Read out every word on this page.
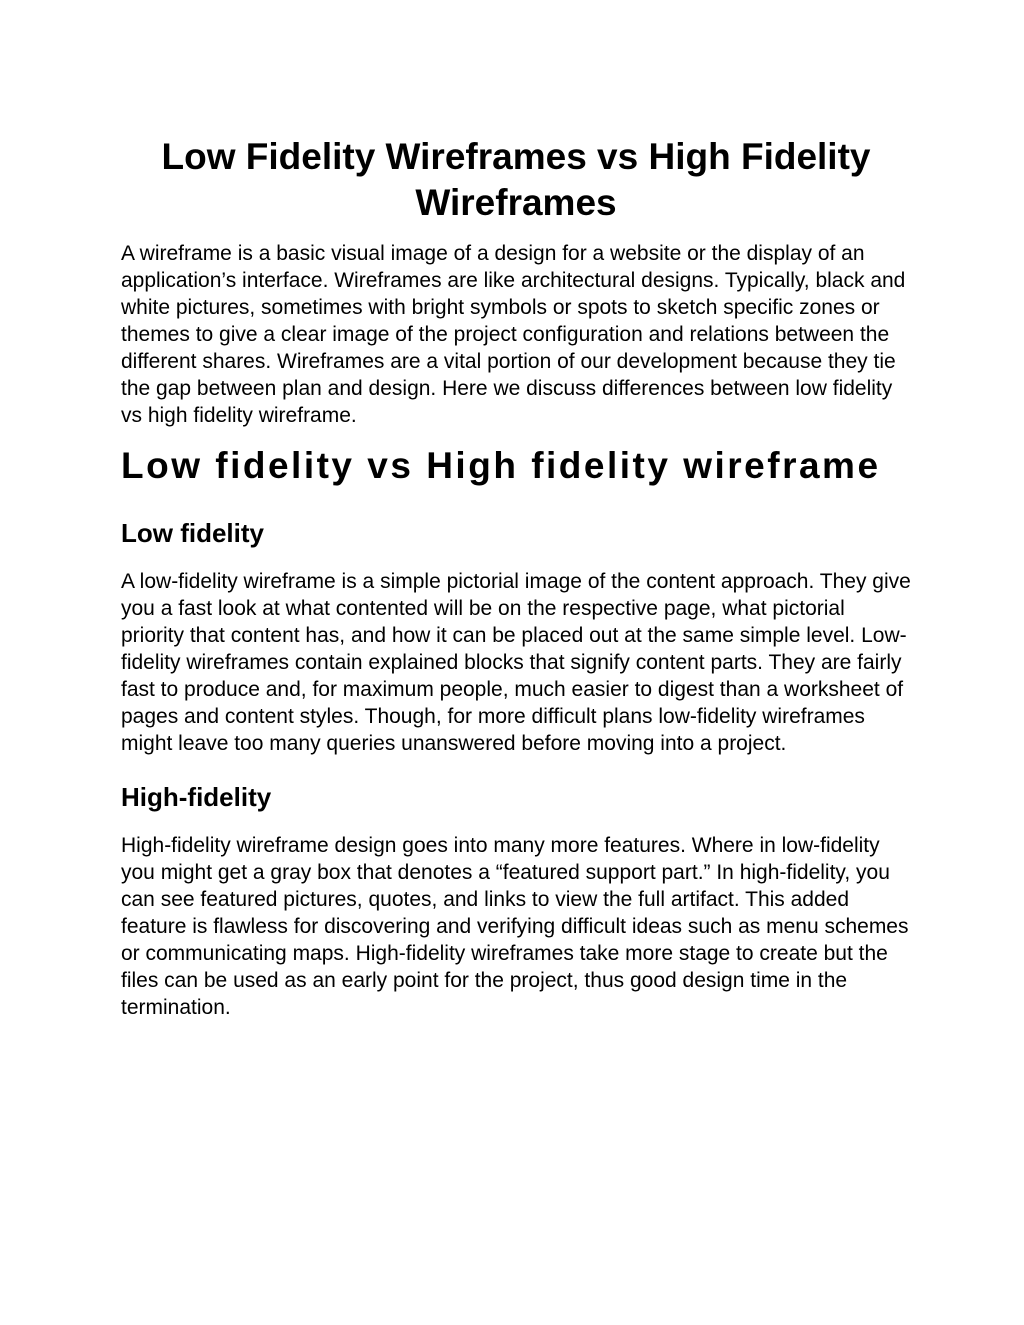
Low Fidelity Wireframes vs High Fidelity Wireframes

A wireframe is a basic visual image of a design for a website or the display of an application’s interface. Wireframes are like architectural designs. Typically, black and white pictures, sometimes with bright symbols or spots to sketch specific zones or themes to give a clear image of the project configuration and relations between the different shares. Wireframes are a vital portion of our development because they tie the gap between plan and design. Here we discuss differences between low fidelity vs high fidelity wireframe.

Low fidelity vs High fidelity wireframe
Low fidelity

A low-fidelity wireframe is a simple pictorial image of the content approach. They give you a fast look at what contented will be on the respective page, what pictorial priority that content has, and how it can be placed out at the same simple level. Low-fidelity wireframes contain explained blocks that signify content parts. They are fairly fast to produce and, for maximum people, much easier to digest than a worksheet of pages and content styles. Though, for more difficult plans low-fidelity wireframes might leave too many queries unanswered before moving into a project.

High-fidelity

High-fidelity wireframe design goes into many more features. Where in low-fidelity you might get a gray box that denotes a “featured support part.” In high-fidelity, you can see featured pictures, quotes, and links to view the full artifact. This added feature is flawless for discovering and verifying difficult ideas such as menu schemes or communicating maps. High-fidelity wireframes take more stage to create but the files can be used as an early point for the project, thus good design time in the termination.
